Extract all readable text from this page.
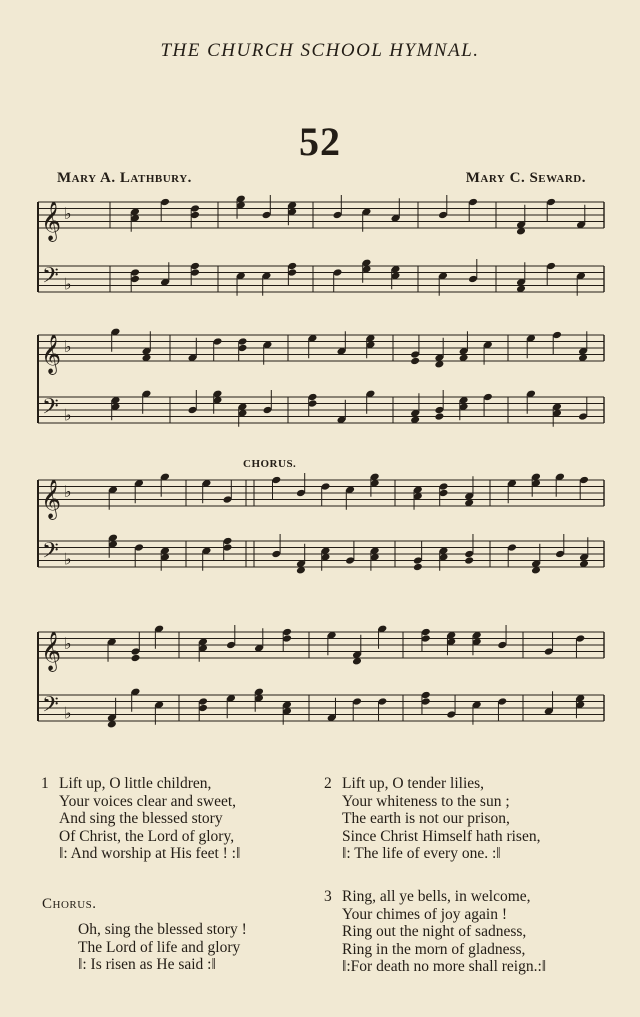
THE CHURCH SCHOOL HYMNAL.
52
Mary A. Lathbury.	Mary C. Seward.
𝄞 ♭
𝄢 ♭
𝄞 ♭
𝄢 ♭
𝄞 ♭
𝄢 ♭
𝄞 ♭
𝄢 ♭
CHORUS.
1 Lift up, O little children,
Your voices clear and sweet,
And sing the blessed story
Of Christ, the Lord of glory,
‖: And worship at His feet ! :‖
2 Lift up, O tender lilies,
Your whiteness to the sun ;
The earth is not our prison,
Since Christ Himself hath risen,
‖: The life of every one. :‖
3 Ring, all ye bells, in welcome,
Your chimes of joy again !
Ring out the night of sadness,
Ring in the morn of gladness,
‖:For death no more shall reign.:‖
Chorus.
Oh, sing the blessed story !
The Lord of life and glory
‖: Is risen as He said :‖
